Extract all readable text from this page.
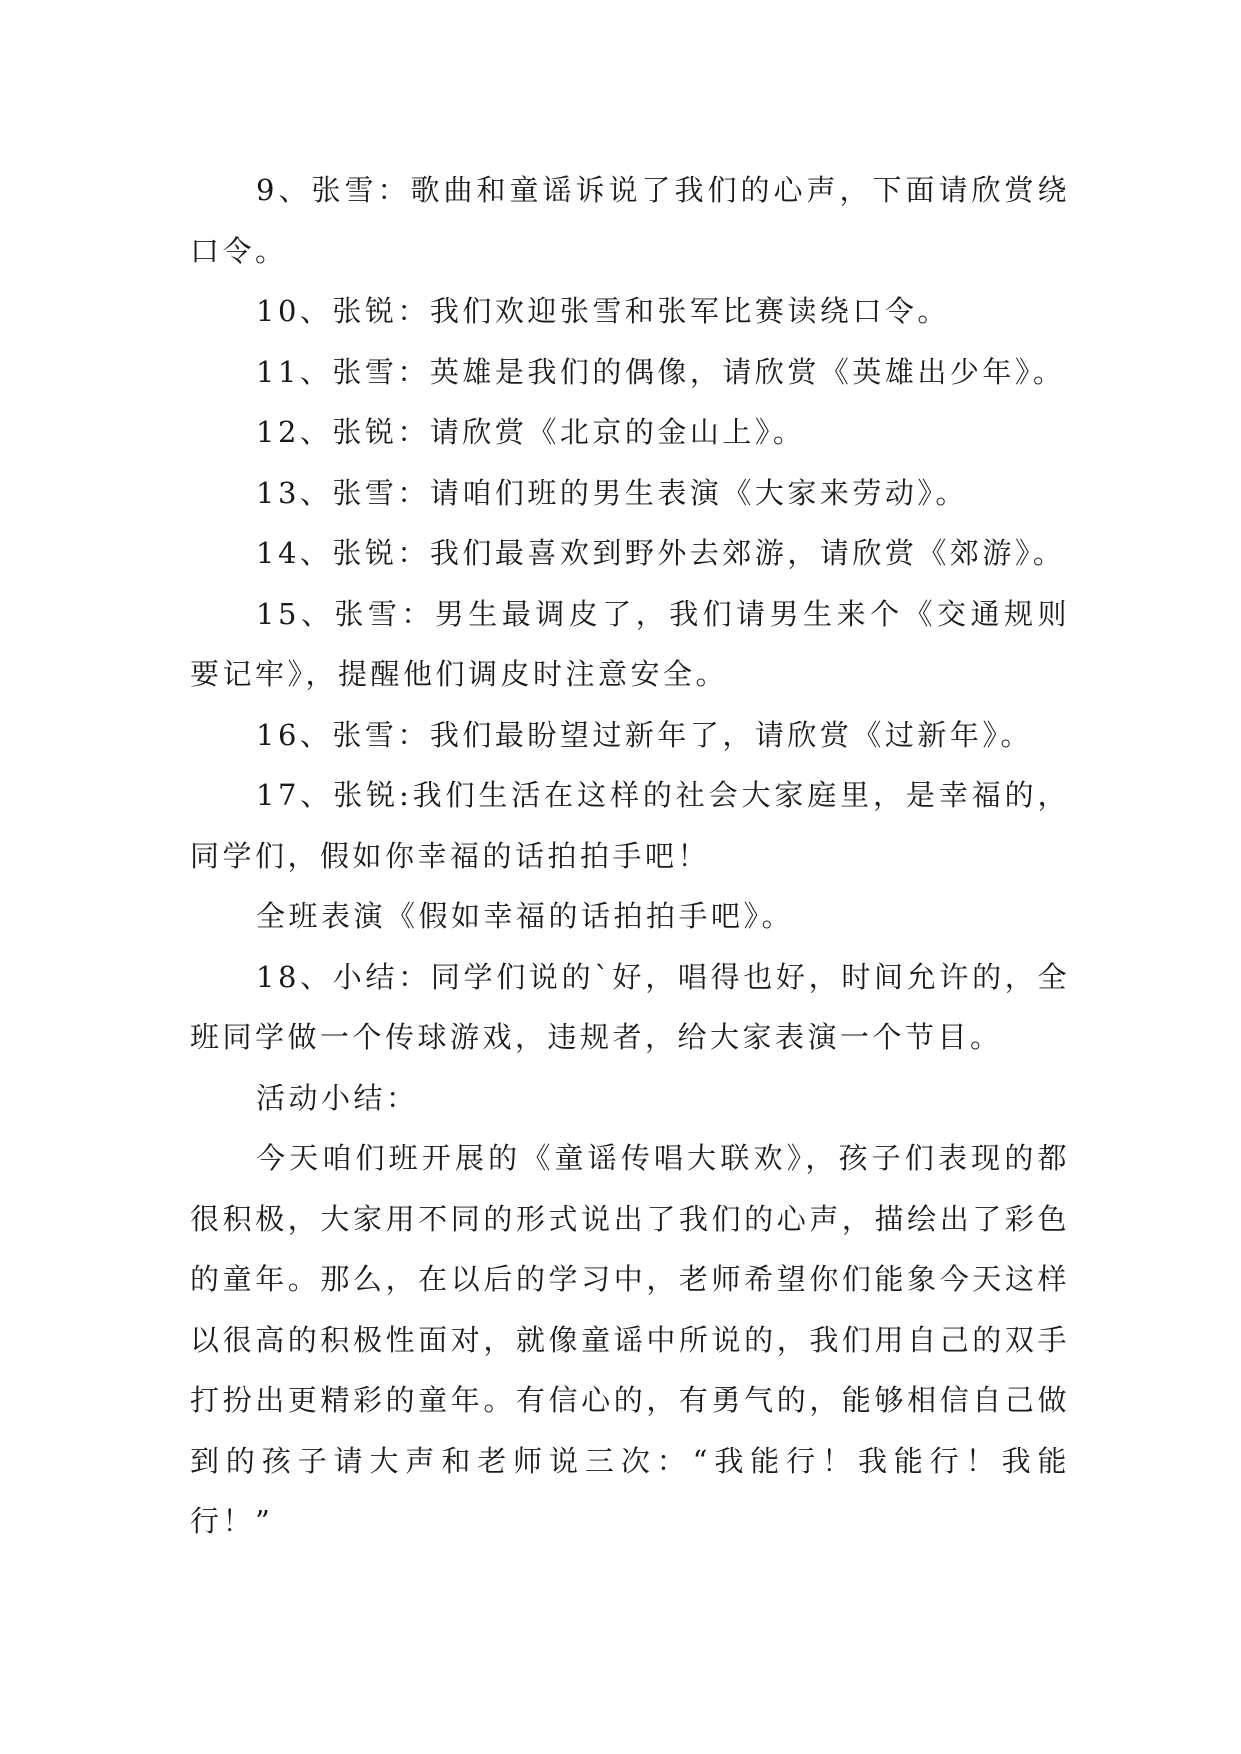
9、张雪：歌曲和童谣诉说了我们的心声，下面请欣赏绕口令。

10、张锐：我们欢迎张雪和张军比赛读绕口令。

11、张雪：英雄是我们的偶像，请欣赏《英雄出少年》。

12、张锐：请欣赏《北京的金山上》。

13、张雪：请咱们班的男生表演《大家来劳动》。

14、张锐：我们最喜欢到野外去郊游，请欣赏《郊游》。

15、张雪：男生最调皮了，我们请男生来个《交通规则要记牢》，提醒他们调皮时注意安全。

16、张雪：我们最盼望过新年了，请欣赏《过新年》。

17、张锐:我们生活在这样的社会大家庭里，是幸福的，同学们，假如你幸福的话拍拍手吧！

全班表演《假如幸福的话拍拍手吧》。

18、小结：同学们说的`好，唱得也好，时间允许的，全班同学做一个传球游戏，违规者，给大家表演一个节目。

活动小结：

今天咱们班开展的《童谣传唱大联欢》，孩子们表现的都很积极，大家用不同的形式说出了我们的心声，描绘出了彩色的童年。那么，在以后的学习中，老师希望你们能象今天这样以很高的积极性面对，就像童谣中所说的，我们用自己的双手打扮出更精彩的童年。有信心的，有勇气的，能够相信自己做到的孩子请大声和老师说三次：“我能行！我能行！我能行！”
